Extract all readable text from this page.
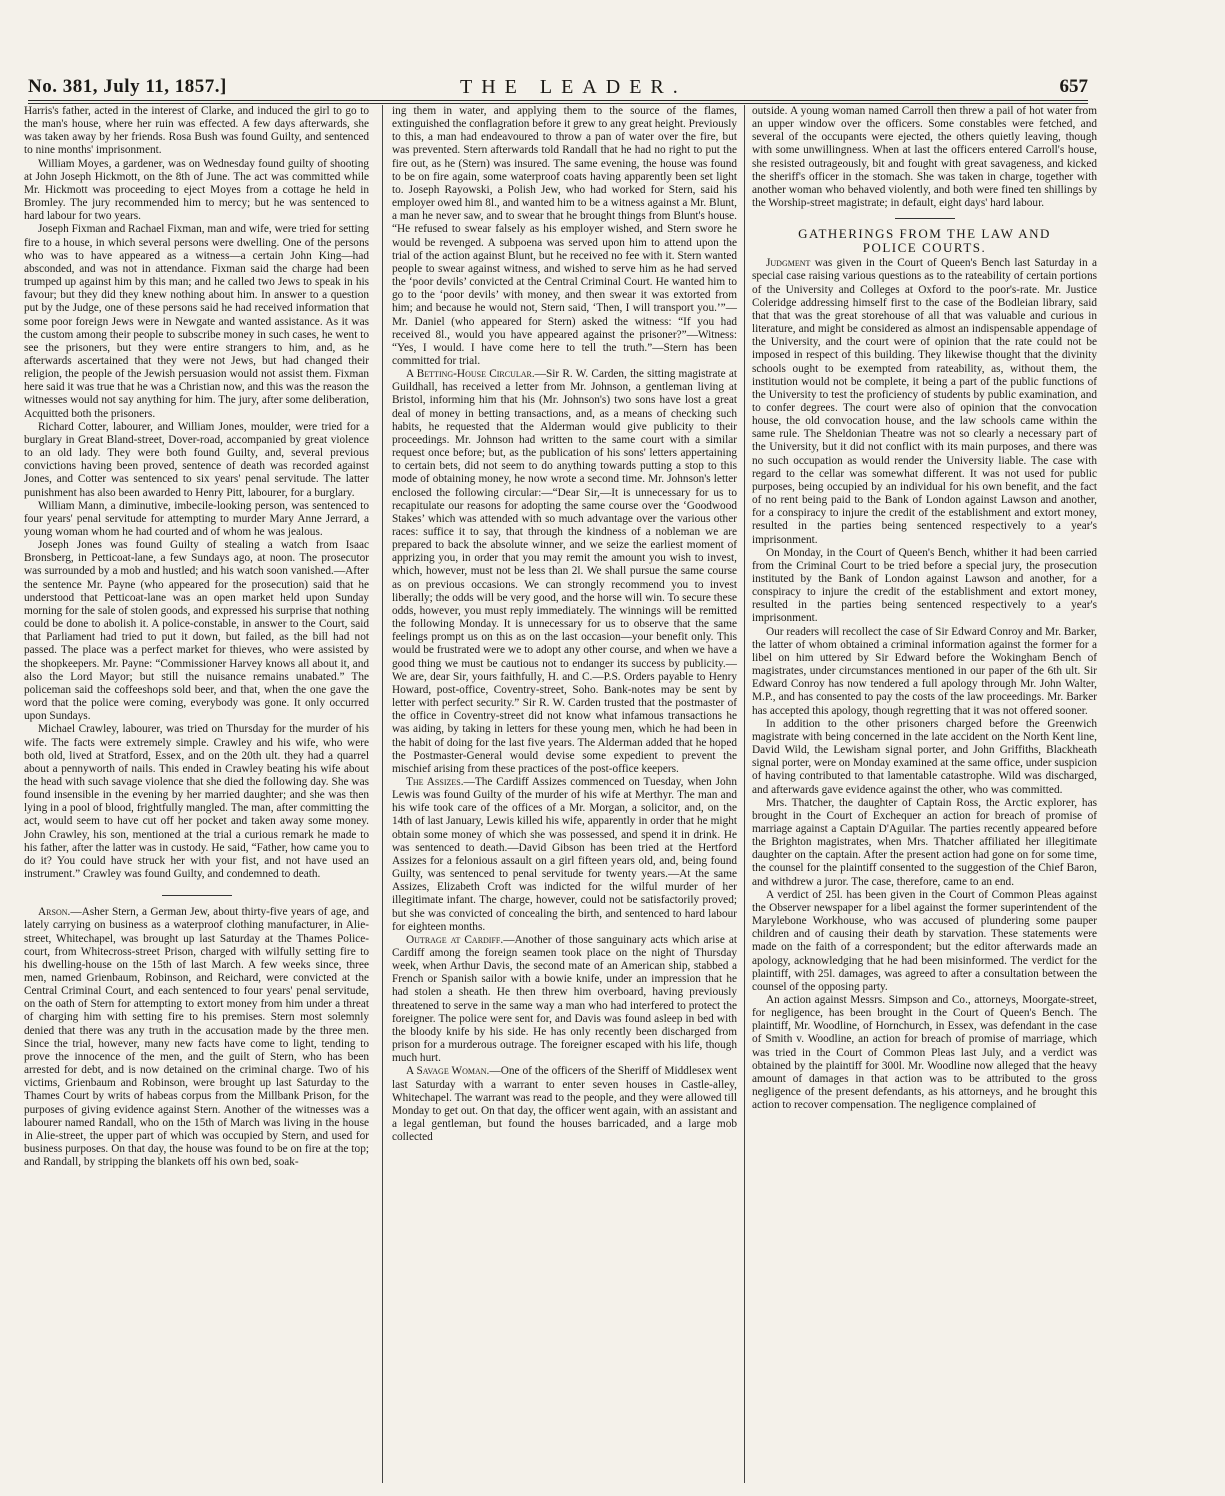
No. 381, July 11, 1857.]	THE LEADER.	657

Harris's father, acted in the interest of Clarke, and induced the girl to go to the man's house, where her ruin was effected. A few days afterwards, she was taken away by her friends. Rosa Bush was found Guilty, and sentenced to nine months' imprisonment.

William Moyes, a gardener, was on Wednesday found guilty of shooting at John Joseph Hickmott, on the 8th of June. The act was committed while Mr. Hickmott was proceeding to eject Moyes from a cottage he held in Bromley. The jury recommended him to mercy; but he was sentenced to hard labour for two years.

Joseph Fixman and Rachael Fixman, man and wife, were tried for setting fire to a house, in which several persons were dwelling. One of the persons who was to have appeared as a witness—a certain John King—had absconded, and was not in attendance. Fixman said the charge had been trumped up against him by this man; and he called two Jews to speak in his favour; but they did they knew nothing about him. In answer to a question put by the Judge, one of these persons said he had received information that some poor foreign Jews were in Newgate and wanted assistance. As it was the custom among their people to subscribe money in such cases, he went to see the prisoners, but they were entire strangers to him, and, as he afterwards ascertained that they were not Jews, but had changed their religion, the people of the Jewish persuasion would not assist them. Fixman here said it was true that he was a Christian now, and this was the reason the witnesses would not say anything for him. The jury, after some deliberation, Acquitted both the prisoners.

Richard Cotter, labourer, and William Jones, moulder, were tried for a burglary in Great Bland-street, Dover-road, accompanied by great violence to an old lady. They were both found Guilty, and, several previous convictions having been proved, sentence of death was recorded against Jones, and Cotter was sentenced to six years' penal servitude. The latter punishment has also been awarded to Henry Pitt, labourer, for a burglary.

William Mann, a diminutive, imbecile-looking person, was sentenced to four years' penal servitude for attempting to murder Mary Anne Jerrard, a young woman whom he had courted and of whom he was jealous.

Joseph Jones was found Guilty of stealing a watch from Isaac Bronsberg, in Petticoat-lane, a few Sundays ago, at noon. The prosecutor was surrounded by a mob and hustled; and his watch soon vanished.—After the sentence Mr. Payne (who appeared for the prosecution) said that he understood that Petticoat-lane was an open market held upon Sunday morning for the sale of stolen goods, and expressed his surprise that nothing could be done to abolish it. A police-constable, in answer to the Court, said that Parliament had tried to put it down, but failed, as the bill had not passed. The place was a perfect market for thieves, who were assisted by the shopkeepers. Mr. Payne: “Commissioner Harvey knows all about it, and also the Lord Mayor; but still the nuisance remains unabated.” The policeman said the coffeeshops sold beer, and that, when the one gave the word that the police were coming, everybody was gone. It only occurred upon Sundays.

Michael Crawley, labourer, was tried on Thursday for the murder of his wife. The facts were extremely simple. Crawley and his wife, who were both old, lived at Stratford, Essex, and on the 20th ult. they had a quarrel about a pennyworth of nails. This ended in Crawley beating his wife about the head with such savage violence that she died the following day. She was found insensible in the evening by her married daughter; and she was then lying in a pool of blood, frightfully mangled. The man, after committing the act, would seem to have cut off her pocket and taken away some money. John Crawley, his son, mentioned at the trial a curious remark he made to his father, after the latter was in custody. He said, “Father, how came you to do it? You could have struck her with your fist, and not have used an instrument.” Crawley was found Guilty, and condemned to death.

Arson.—Asher Stern, a German Jew, about thirty-five years of age, and lately carrying on business as a waterproof clothing manufacturer, in Alie-street, Whitechapel, was brought up last Saturday at the Thames Police-court, from Whitecross-street Prison, charged with wilfully setting fire to his dwelling-house on the 15th of last March. A few weeks since, three men, named Grienbaum, Robinson, and Reichard, were convicted at the Central Criminal Court, and each sentenced to four years' penal servitude, on the oath of Stern for attempting to extort money from him under a threat of charging him with setting fire to his premises. Stern most solemnly denied that there was any truth in the accusation made by the three men. Since the trial, however, many new facts have come to light, tending to prove the innocence of the men, and the guilt of Stern, who has been arrested for debt, and is now detained on the criminal charge. Two of his victims, Grienbaum and Robinson, were brought up last Saturday to the Thames Court by writs of habeas corpus from the Millbank Prison, for the purposes of giving evidence against Stern. Another of the witnesses was a labourer named Randall, who on the 15th of March was living in the house in Alie-street, the upper part of which was occupied by Stern, and used for business purposes. On that day, the house was found to be on fire at the top; and Randall, by stripping the blankets off his own bed, soak-

ing them in water, and applying them to the source of the flames, extinguished the conflagration before it grew to any great height. Previously to this, a man had endeavoured to throw a pan of water over the fire, but was prevented. Stern afterwards told Randall that he had no right to put the fire out, as he (Stern) was insured. The same evening, the house was found to be on fire again, some waterproof coats having apparently been set light to. Joseph Rayowski, a Polish Jew, who had worked for Stern, said his employer owed him 8l., and wanted him to be a witness against a Mr. Blunt, a man he never saw, and to swear that he brought things from Blunt's house. “He refused to swear falsely as his employer wished, and Stern swore he would be revenged. A subpoena was served upon him to attend upon the trial of the action against Blunt, but he received no fee with it. Stern wanted people to swear against witness, and wished to serve him as he had served the ‘poor devils’ convicted at the Central Criminal Court. He wanted him to go to the ‘poor devils’ with money, and then swear it was extorted from him; and because he would not, Stern said, ‘Then, I will transport you.’”—Mr. Daniel (who appeared for Stern) asked the witness: “If you had received 8l., would you have appeared against the prisoner?”—Witness: “Yes, I would. I have come here to tell the truth.”—Stern has been committed for trial.

A Betting-House Circular.—Sir R. W. Carden, the sitting magistrate at Guildhall, has received a letter from Mr. Johnson, a gentleman living at Bristol, informing him that his (Mr. Johnson's) two sons have lost a great deal of money in betting transactions, and, as a means of checking such habits, he requested that the Alderman would give publicity to their proceedings. Mr. Johnson had written to the same court with a similar request once before; but, as the publication of his sons' letters appertaining to certain bets, did not seem to do anything towards putting a stop to this mode of obtaining money, he now wrote a second time. Mr. Johnson's letter enclosed the following circular:—“Dear Sir,—It is unnecessary for us to recapitulate our reasons for adopting the same course over the ‘Goodwood Stakes’ which was attended with so much advantage over the various other races: suffice it to say, that through the kindness of a nobleman we are prepared to back the absolute winner, and we seize the earliest moment of apprizing you, in order that you may remit the amount you wish to invest, which, however, must not be less than 2l. We shall pursue the same course as on previous occasions. We can strongly recommend you to invest liberally; the odds will be very good, and the horse will win. To secure these odds, however, you must reply immediately. The winnings will be remitted the following Monday. It is unnecessary for us to observe that the same feelings prompt us on this as on the last occasion—your benefit only. This would be frustrated were we to adopt any other course, and when we have a good thing we must be cautious not to endanger its success by publicity.—We are, dear Sir, yours faithfully, H. and C.—P.S. Orders payable to Henry Howard, post-office, Coventry-street, Soho. Bank-notes may be sent by letter with perfect security.” Sir R. W. Carden trusted that the postmaster of the office in Coventry-street did not know what infamous transactions he was aiding, by taking in letters for these young men, which he had been in the habit of doing for the last five years. The Alderman added that he hoped the Postmaster-General would devise some expedient to prevent the mischief arising from these practices of the post-office keepers.

The Assizes.—The Cardiff Assizes commenced on Tuesday, when John Lewis was found Guilty of the murder of his wife at Merthyr. The man and his wife took care of the offices of a Mr. Morgan, a solicitor, and, on the 14th of last January, Lewis killed his wife, apparently in order that he might obtain some money of which she was possessed, and spend it in drink. He was sentenced to death.—David Gibson has been tried at the Hertford Assizes for a felonious assault on a girl fifteen years old, and, being found Guilty, was sentenced to penal servitude for twenty years.—At the same Assizes, Elizabeth Croft was indicted for the wilful murder of her illegitimate infant. The charge, however, could not be satisfactorily proved; but she was convicted of concealing the birth, and sentenced to hard labour for eighteen months.

Outrage at Cardiff.—Another of those sanguinary acts which arise at Cardiff among the foreign seamen took place on the night of Thursday week, when Arthur Davis, the second mate of an American ship, stabbed a French or Spanish sailor with a bowie knife, under an impression that he had stolen a sheath. He then threw him overboard, having previously threatened to serve in the same way a man who had interfered to protect the foreigner. The police were sent for, and Davis was found asleep in bed with the bloody knife by his side. He has only recently been discharged from prison for a murderous outrage. The foreigner escaped with his life, though much hurt.

A Savage Woman.—One of the officers of the Sheriff of Middlesex went last Saturday with a warrant to enter seven houses in Castle-alley, Whitechapel. The warrant was read to the people, and they were allowed till Monday to get out. On that day, the officer went again, with an assistant and a legal gentleman, but found the houses barricaded, and a large mob collected

outside. A young woman named Carroll then threw a pail of hot water from an upper window over the officers. Some constables were fetched, and several of the occupants were ejected, the others quietly leaving, though with some unwillingness. When at last the officers entered Carroll's house, she resisted outrageously, bit and fought with great savageness, and kicked the sheriff's officer in the stomach. She was taken in charge, together with another woman who behaved violently, and both were fined ten shillings by the Worship-street magistrate; in default, eight days' hard labour.

GATHERINGS FROM THE LAW AND
POLICE COURTS.

Judgment was given in the Court of Queen's Bench last Saturday in a special case raising various questions as to the rateability of certain portions of the University and Colleges at Oxford to the poor's-rate. Mr. Justice Coleridge addressing himself first to the case of the Bodleian library, said that that was the great storehouse of all that was valuable and curious in literature, and might be considered as almost an indispensable appendage of the University, and the court were of opinion that the rate could not be imposed in respect of this building. They likewise thought that the divinity schools ought to be exempted from rateability, as, without them, the institution would not be complete, it being a part of the public functions of the University to test the proficiency of students by public examination, and to confer degrees. The court were also of opinion that the convocation house, the old convocation house, and the law schools came within the same rule. The Sheldonian Theatre was not so clearly a necessary part of the University, but it did not conflict with its main purposes, and there was no such occupation as would render the University liable. The case with regard to the cellar was somewhat different. It was not used for public purposes, being occupied by an individual for his own benefit, and the fact of no rent being paid to the Bank of London against Lawson and another, for a conspiracy to injure the credit of the establishment and extort money, resulted in the parties being sentenced respectively to a year's imprisonment.

On Monday, in the Court of Queen's Bench, whither it had been carried from the Criminal Court to be tried before a special jury, the prosecution instituted by the Bank of London against Lawson and another, for a conspiracy to injure the credit of the establishment and extort money, resulted in the parties being sentenced respectively to a year's imprisonment.

Our readers will recollect the case of Sir Edward Conroy and Mr. Barker, the latter of whom obtained a criminal information against the former for a libel on him uttered by Sir Edward before the Wokingham Bench of magistrates, under circumstances mentioned in our paper of the 6th ult. Sir Edward Conroy has now tendered a full apology through Mr. John Walter, M.P., and has consented to pay the costs of the law proceedings. Mr. Barker has accepted this apology, though regretting that it was not offered sooner.

In addition to the other prisoners charged before the Greenwich magistrate with being concerned in the late accident on the North Kent line, David Wild, the Lewisham signal porter, and John Griffiths, Blackheath signal porter, were on Monday examined at the same office, under suspicion of having contributed to that lamentable catastrophe. Wild was discharged, and afterwards gave evidence against the other, who was committed.

Mrs. Thatcher, the daughter of Captain Ross, the Arctic explorer, has brought in the Court of Exchequer an action for breach of promise of marriage against a Captain D'Aguilar. The parties recently appeared before the Brighton magistrates, when Mrs. Thatcher affiliated her illegitimate daughter on the captain. After the present action had gone on for some time, the counsel for the plaintiff consented to the suggestion of the Chief Baron, and withdrew a juror. The case, therefore, came to an end.

A verdict of 25l. has been given in the Court of Common Pleas against the Observer newspaper for a libel against the former superintendent of the Marylebone Workhouse, who was accused of plundering some pauper children and of causing their death by starvation. These statements were made on the faith of a correspondent; but the editor afterwards made an apology, acknowledging that he had been misinformed. The verdict for the plaintiff, with 25l. damages, was agreed to after a consultation between the counsel of the opposing party.

An action against Messrs. Simpson and Co., attorneys, Moorgate-street, for negligence, has been brought in the Court of Queen's Bench. The plaintiff, Mr. Woodline, of Hornchurch, in Essex, was defendant in the case of Smith v. Woodline, an action for breach of promise of marriage, which was tried in the Court of Common Pleas last July, and a verdict was obtained by the plaintiff for 300l. Mr. Woodline now alleged that the heavy amount of damages in that action was to be attributed to the gross negligence of the present defendants, as his attorneys, and he brought this action to recover compensation. The negligence complained of
